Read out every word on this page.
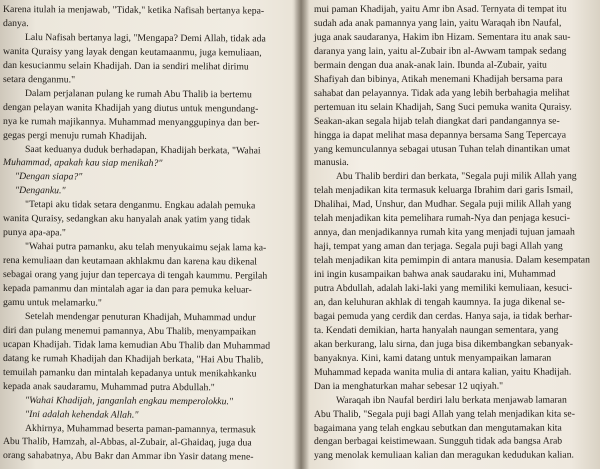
Karena itulah ia menjawab, "Tidak," ketika Nafisah bertanya kepa-
danya.
Lalu Nafisah bertanya lagi, "Mengapa? Demi Allah, tidak ada
wanita Quraisy yang layak dengan keutamaanmu, juga kemuliaan,
dan kesucianmu selain Khadijah. Dan ia sendiri melihat dirimu
setara denganmu."
Dalam perjalanan pulang ke rumah Abu Thalib ia bertemu
dengan pelayan wanita Khadijah yang diutus untuk mengundang-
nya ke rumah majikannya. Muhammad menyanggupinya dan ber-
gegas pergi menuju rumah Khadijah.
Saat keduanya duduk berhadapan, Khadijah berkata, "Wahai
Muhammad, apakah kau siap menikah?"
"Dengan siapa?"
"Denganku."
"Tetapi aku tidak setara denganmu. Engkau adalah pemuka
wanita Quraisy, sedangkan aku hanyalah anak yatim yang tidak
punya apa-apa."
"Wahai putra pamanku, aku telah menyukaimu sejak lama ka-
rena kemuliaan dan keutamaan akhlakmu dan karena kau dikenal
sebagai orang yang jujur dan tepercaya di tengah kaummu. Pergilah
kepada pamanmu dan mintalah agar ia dan para pemuka keluar-
gamu untuk melamarku."
Setelah mendengar penuturan Khadijah, Muhammad undur
diri dan pulang menemui pamannya, Abu Thalib, menyampaikan
ucapan Khadijah. Tidak lama kemudian Abu Thalib dan Muhammad
datang ke rumah Khadijah dan Khadijah berkata, "Hai Abu Thalib,
temuilah pamanku dan mintalah kepadanya untuk menikahkanku
kepada anak saudaramu, Muhammad putra Abdullah."
"Wahai Khadijah, janganlah engkau memperolokku."
"Ini adalah kehendak Allah."
Akhirnya, Muhammad beserta paman-pamannya, termasuk
Abu Thalib, Hamzah, al-Abbas, al-Zubair, al-Ghaidaq, juga dua
orang sahabatnya, Abu Bakr dan Ammar ibn Yasir datang mene-
mui paman Khadijah, yaitu Amr ibn Asad. Ternyata di tempat itu
sudah ada anak pamannya yang lain, yaitu Waraqah ibn Naufal,
juga anak saudaranya, Hakim ibn Hizam. Sementara itu anak sau-
daranya yang lain, yaitu al-Zubair ibn al-Awwam tampak sedang
bermain dengan dua anak-anak lain. Ibunda al-Zubair, yaitu
Shafiyah dan bibinya, Atikah menemani Khadijah bersama para
sahabat dan pelayannya. Tidak ada yang lebih berbahagia melihat
pertemuan itu selain Khadijah, Sang Suci pemuka wanita Quraisy.
Seakan-akan segala hijab telah diangkat dari pandangannya se-
hingga ia dapat melihat masa depannya bersama Sang Tepercaya
yang kemunculannya sebagai utusan Tuhan telah dinantikan umat
manusia.
Abu Thalib berdiri dan berkata, "Segala puji milik Allah yang
telah menjadikan kita termasuk keluarga Ibrahim dari garis Ismail,
Dhalihai, Mad, Unshur, dan Mudhar. Segala puji milik Allah yang
telah menjadikan kita pemelihara rumah-Nya dan penjaga kesuci-
annya, dan menjadikannya rumah kita yang menjadi tujuan jamaah
haji, tempat yang aman dan terjaga. Segala puji bagi Allah yang
telah menjadikan kita pemimpin di antara manusia. Dalam kesempatan
ini ingin kusampaikan bahwa anak saudaraku ini, Muhammad
putra Abdullah, adalah laki-laki yang memiliki kemuliaan, kesuci-
an, dan keluhuran akhlak di tengah kaumnya. Ia juga dikenal se-
bagai pemuda yang cerdik dan cerdas. Hanya saja, ia tidak berhar-
ta. Kendati demikian, harta hanyalah naungan sementara, yang
akan berkurang, lalu sirna, dan juga bisa dikembangkan sebanyak-
banyaknya. Kini, kami datang untuk menyampaikan lamaran
Muhammad kepada wanita mulia di antara kalian, yaitu Khadijah.
Dan ia menghaturkan mahar sebesar 12 uqiyah."
Waraqah ibn Naufal berdiri lalu berkata menjawab lamaran
Abu Thalib, "Segala puji bagi Allah yang telah menjadikan kita se-
bagaimana yang telah engkau sebutkan dan mengutamakan kita
dengan berbagai keistimewaan. Sungguh tidak ada bangsa Arab
yang menolak kemuliaan kalian dan meragukan kedudukan kalian.
